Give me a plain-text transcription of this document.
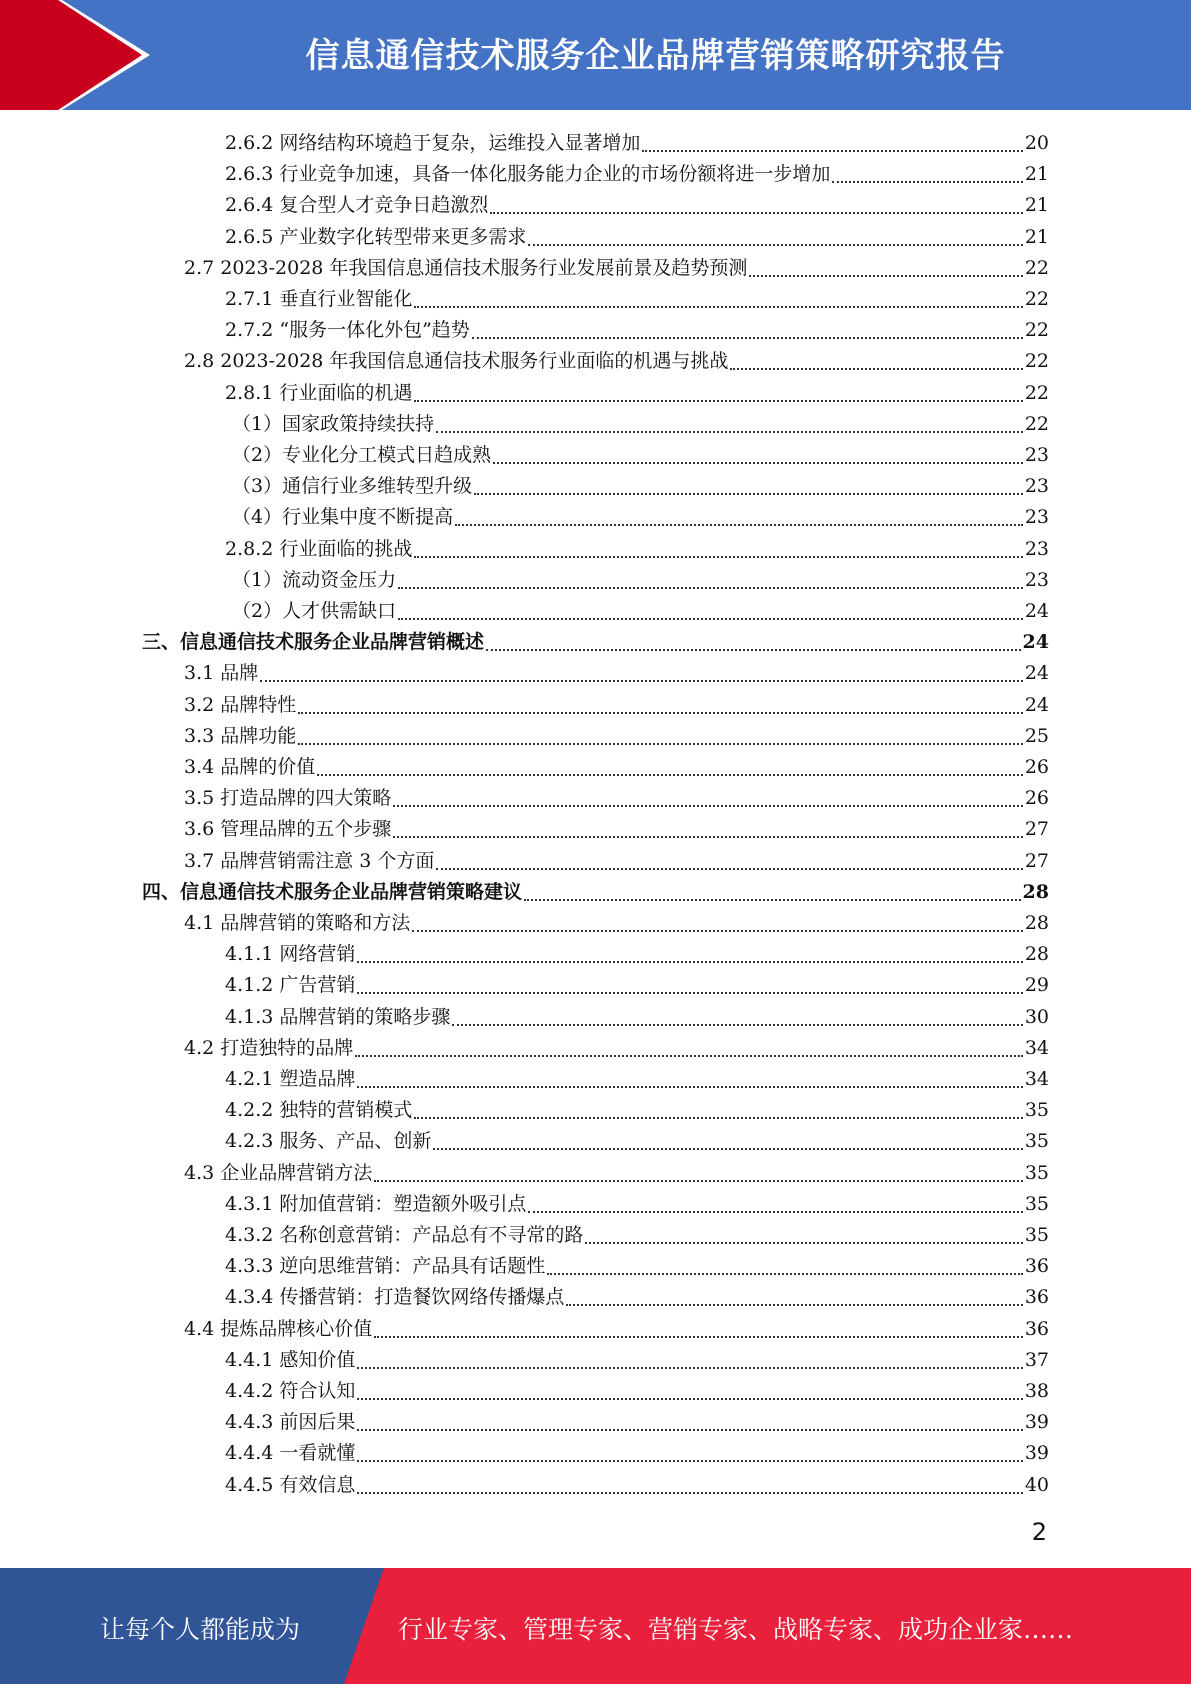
信息通信技术服务企业品牌营销策略研究报告
2.6.2 网络结构环境趋于复杂，运维投入显著增加	20
2.6.3 行业竞争加速，具备一体化服务能力企业的市场份额将进一步增加	21
2.6.4 复合型人才竞争日趋激烈	21
2.6.5 产业数字化转型带来更多需求	21
2.7 2023-2028 年我国信息通信技术服务行业发展前景及趋势预测	22
2.7.1 垂直行业智能化	22
2.7.2 “服务一体化外包”趋势	22
2.8 2023-2028 年我国信息通信技术服务行业面临的机遇与挑战	22
2.8.1 行业面临的机遇	22
（1）国家政策持续扶持	22
（2）专业化分工模式日趋成熟	23
（3）通信行业多维转型升级	23
（4）行业集中度不断提高	23
2.8.2 行业面临的挑战	23
（1）流动资金压力	23
（2）人才供需缺口	24
三、信息通信技术服务企业品牌营销概述	24
3.1 品牌	24
3.2 品牌特性	24
3.3 品牌功能	25
3.4 品牌的价值	26
3.5 打造品牌的四大策略	26
3.6 管理品牌的五个步骤	27
3.7 品牌营销需注意 3 个方面	27
四、信息通信技术服务企业品牌营销策略建议	28
4.1 品牌营销的策略和方法	28
4.1.1 网络营销	28
4.1.2 广告营销	29
4.1.3 品牌营销的策略步骤	30
4.2 打造独特的品牌	34
4.2.1 塑造品牌	34
4.2.2 独特的营销模式	35
4.2.3 服务、产品、创新	35
4.3 企业品牌营销方法	35
4.3.1 附加值营销：塑造额外吸引点	35
4.3.2 名称创意营销：产品总有不寻常的路	35
4.3.3 逆向思维营销：产品具有话题性	36
4.3.4 传播营销：打造餐饮网络传播爆点	36
4.4 提炼品牌核心价值	36
4.4.1 感知价值	37
4.4.2 符合认知	38
4.4.3 前因后果	39
4.4.4 一看就懂	39
4.4.5 有效信息	40
2
让每个人都能成为	行业专家、管理专家、营销专家、战略专家、成功企业家……
